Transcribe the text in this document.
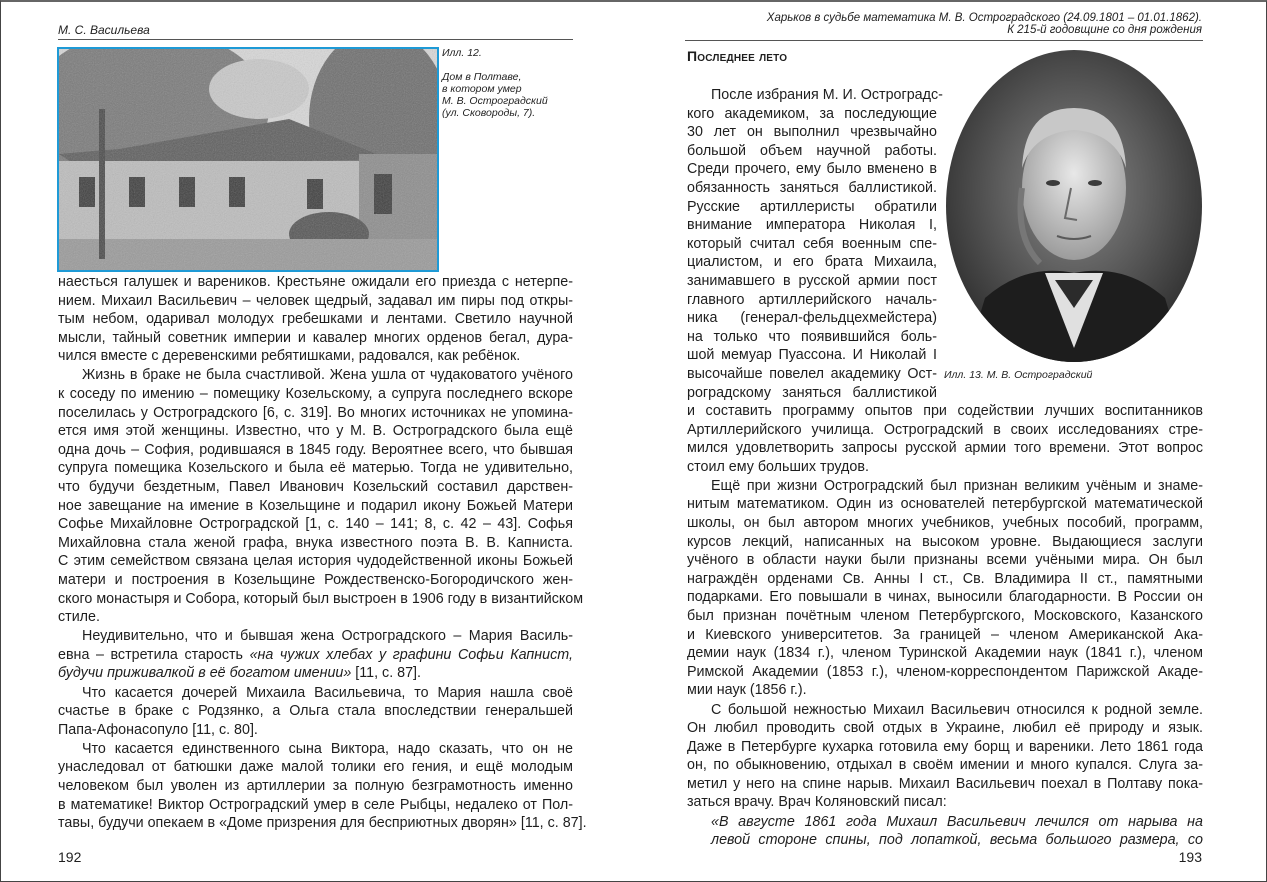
М. С. Васильева
Илл. 12.
Дом в Полтаве,
в котором умер
М. В. Остроградский
(ул. Сковороды, 7).
наесться галушек и вареников. Крестьяне ожидали его приезда с нетерпе-
нием. Михаил Васильевич – человек щедрый, задавал им пиры под откры-
тым небом, одаривал молодух гребешками и лентами. Светило научной
мысли, тайный советник империи и кавалер многих орденов бегал, дура-
чился вместе с деревенскими ребятишками, радовался, как ребёнок.
Жизнь в браке не была счастливой. Жена ушла от чудаковатого учёного
к соседу по имению – помещику Козельскому, а супруга последнего вскоре
поселилась у Остроградского [6, с. 319]. Во многих источниках не упомина-
ется имя этой женщины. Известно, что у М. В. Остроградского была ещё
одна дочь – София, родившаяся в 1845 году. Вероятнее всего, что бывшая
супруга помещика Козельского и была её матерью. Тогда не удивительно,
что будучи бездетным, Павел Иванович Козельский составил дарствен-
ное завещание на имение в Козельщине и подарил икону Божьей Матери
Софье Михайловне Остроградской [1, с. 140 – 141; 8, с. 42 – 43]. Софья
Михайловна стала женой графа, внука известного поэта В. В. Капниста.
С этим семейством связана целая история чудодейственной иконы Божьей
матери и построения в Козельщине Рождественско-Богородичского жен-
ского монастыря и Собора, который был выстроен в 1906 году в византийском
стиле.
Неудивительно, что и бывшая жена Остроградского – Мария Василь-
евна – встретила старость «на чужих хлебах у графини Софьи Капнист,
будучи приживалкой в её богатом имении» [11, с. 87].
Что касается дочерей Михаила Васильевича, то Мария нашла своё
счастье в браке с Родзянко, а Ольга стала впоследствии генеральшей
Папа-Афонасопуло [11, с. 80].
Что касается единственного сына Виктора, надо сказать, что он не
унаследовал от батюшки даже малой толики его гения, и ещё молодым
человеком был уволен из артиллерии за полную безграмотность именно
в математике! Виктор Остроградский умер в селе Рыбцы, недалеко от Пол-
тавы, будучи опекаем в «Доме призрения для бесприютных дворян» [11, с. 87].
192
Харьков в судьбе математика М. В. Остроградского (24.09.1801 – 01.01.1862).
К 215-й годовщине со дня рождения
Последнее лето
После избрания М. И. Остроградс-
кого академиком, за последующие
30 лет он выполнил чрезвычайно
большой объем научной работы.
Среди прочего, ему было вменено в
обязанность заняться баллистикой.
Русские артиллеристы обратили
внимание императора Николая I,
который считал себя военным спе-
циалистом, и его брата Михаила,
занимавшего в русской армии пост
главного артиллерийского началь-
ника (генерал-фельдцехмейстера)
на только что появившийся боль-
шой мемуар Пуассона. И Николай I
высочайше повелел академику Ост-
роградскому заняться баллистикой
Илл. 13. М. В. Остроградский
и составить программу опытов при содействии лучших воспитанников
Артиллерийского училища. Остроградский в своих исследованиях стре-
мился удовлетворить запросы русской армии того времени. Этот вопрос
стоил ему больших трудов.
Ещё при жизни Остроградский был признан великим учёным и знаме-
нитым математиком. Один из основателей петербургской математической
школы, он был автором многих учебников, учебных пособий, программ,
курсов лекций, написанных на высоком уровне. Выдающиеся заслуги
учёного в области науки были признаны всеми учёными мира. Он был
награждён орденами Св. Анны I ст., Св. Владимира II ст., памятными
подарками. Его повышали в чинах, выносили благодарности. В России он
был признан почётным членом Петербургского, Московского, Казанского
и Киевского университетов. За границей – членом Американской Ака-
демии наук (1834 г.), членом Туринской Академии наук (1841 г.), членом
Римской Академии (1853 г.), членом-корреспондентом Парижской Акаде-
мии наук (1856 г.).
С большой нежностью Михаил Васильевич относился к родной земле.
Он любил проводить свой отдых в Украине, любил её природу и язык.
Даже в Петербурге кухарка готовила ему борщ и вареники. Лето 1861 года
он, по обыкновению, отдыхал в своём имении и много купался. Слуга за-
метил у него на спине нарыв. Михаил Васильевич поехал в Полтаву пока-
заться врачу. Врач Коляновский писал:
«В августе 1861 года Михаил Васильевич лечился от нарыва на
левой стороне спины, под лопаткой, весьма большого размера, со
193
